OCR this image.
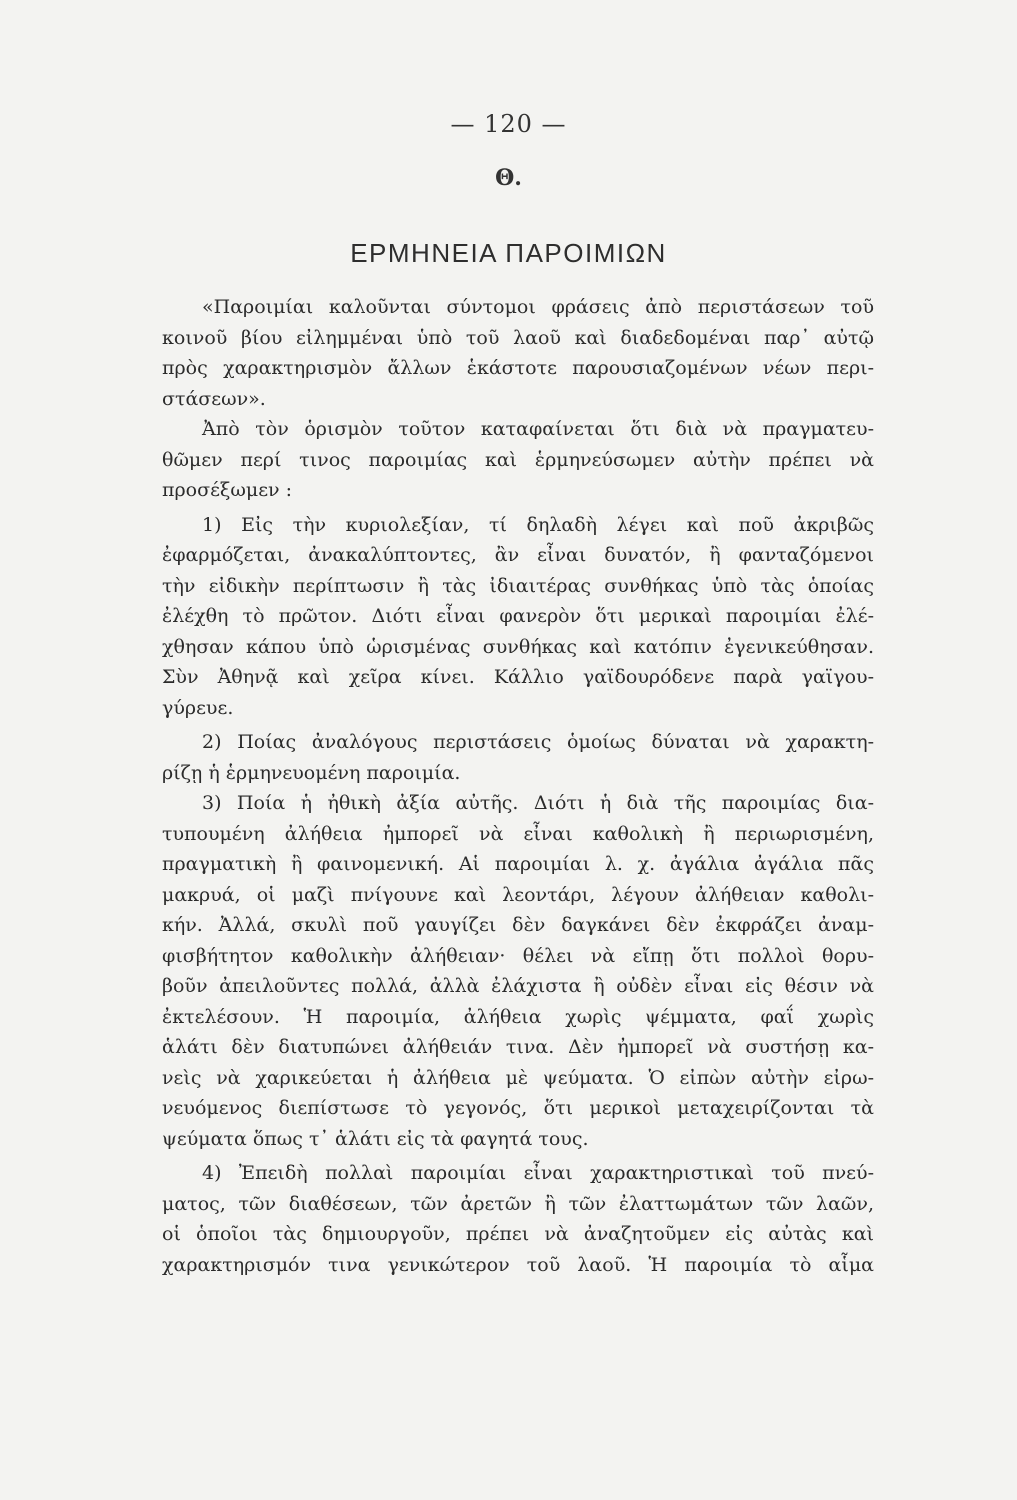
— 120 —
Θ.
ΕΡΜΗΝΕΙΑ ΠΑΡΟΙΜΙΩΝ
«Παροιμίαι καλοῦνται σύντομοι φράσεις ἀπὸ περιστάσεων τοῦ
κοινοῦ βίου εἰλημμέναι ὑπὸ τοῦ λαοῦ καὶ διαδεδομέναι παρ᾿ αὐτῷ
πρὸς χαρακτηρισμὸν ἄλλων ἑκάστοτε παρουσιαζομένων νέων περι-
στάσεων».
Ἀπὸ τὸν ὁρισμὸν τοῦτον καταφαίνεται ὅτι διὰ νὰ πραγματευ-
θῶμεν περί τινος παροιμίας καὶ ἑρμηνεύσωμεν αὐτὴν πρέπει νὰ
προσέξωμεν :
1) Εἰς τὴν κυριολεξίαν, τί δηλαδὴ λέγει καὶ ποῦ ἀκριβῶς
ἐφαρμόζεται, ἀνακαλύπτοντες, ἂν εἶναι δυνατόν, ἢ φανταζόμενοι
τὴν εἰδικὴν περίπτωσιν ἢ τὰς ἰδιαιτέρας συνθήκας ὑπὸ τὰς ὁποίας
ἐλέχθη τὸ πρῶτον. Διότι εἶναι φανερὸν ὅτι μερικαὶ παροιμίαι ἐλέ-
χθησαν κάπου ὑπὸ ὡρισμένας συνθήκας καὶ κατόπιν ἐγενικεύθησαν.
Σὺν Ἀθηνᾷ καὶ χεῖρα κίνει. Κάλλιο γαϊδουρόδενε παρὰ γαϊγου-
γύρευε.
2) Ποίας ἀναλόγους περιστάσεις ὁμοίως δύναται νὰ χαρακτη-
ρίζῃ ἡ ἑρμηνευομένη παροιμία.
3) Ποία ἡ ἠθικὴ ἀξία αὐτῆς. Διότι ἡ διὰ τῆς παροιμίας δια-
τυπουμένη ἀλήθεια ἠμπορεῖ νὰ εἶναι καθολικὴ ἢ περιωρισμένη,
πραγματικὴ ἢ φαινομενική. Αἱ παροιμίαι λ. χ. ἀγάλια ἀγάλια πᾶς
μακρυά, οἱ μαζὶ πνίγουνε καὶ λεοντάρι, λέγουν ἀλήθειαν καθολι-
κήν. Ἀλλά, σκυλὶ ποῦ γαυγίζει δὲν δαγκάνει δὲν ἐκφράζει ἀναμ-
φισβήτητον καθολικὴν ἀλήθειαν· θέλει νὰ εἴπῃ ὅτι πολλοὶ θορυ-
βοῦν ἀπειλοῦντες πολλά, ἀλλὰ ἐλάχιστα ἢ οὐδὲν εἶναι εἰς θέσιν νὰ
ἐκτελέσουν. Ἡ παροιμία, ἀλήθεια χωρὶς ψέμματα, φαΐ χωρὶς
ἁλάτι δὲν διατυπώνει ἀλήθειάν τινα. Δὲν ἠμπορεῖ νὰ συστήσῃ κα-
νεὶς νὰ χαρικεύεται ἡ ἀλήθεια μὲ ψεύματα. Ὁ εἰπὼν αὐτὴν εἰρω-
νευόμενος διεπίστωσε τὸ γεγονός, ὅτι μερικοὶ μεταχειρίζονται τὰ
ψεύματα ὅπως τ᾿ ἁλάτι εἰς τὰ φαγητά τους.
4) Ἐπειδὴ πολλαὶ παροιμίαι εἶναι χαρακτηριστικαὶ τοῦ πνεύ-
ματος, τῶν διαθέσεων, τῶν ἀρετῶν ἢ τῶν ἐλαττωμάτων τῶν λαῶν,
οἱ ὁποῖοι τὰς δημιουργοῦν, πρέπει νὰ ἀναζητοῦμεν εἰς αὐτὰς καὶ
χαρακτηρισμόν τινα γενικώτερον τοῦ λαοῦ. Ἡ παροιμία τὸ αἷμα
